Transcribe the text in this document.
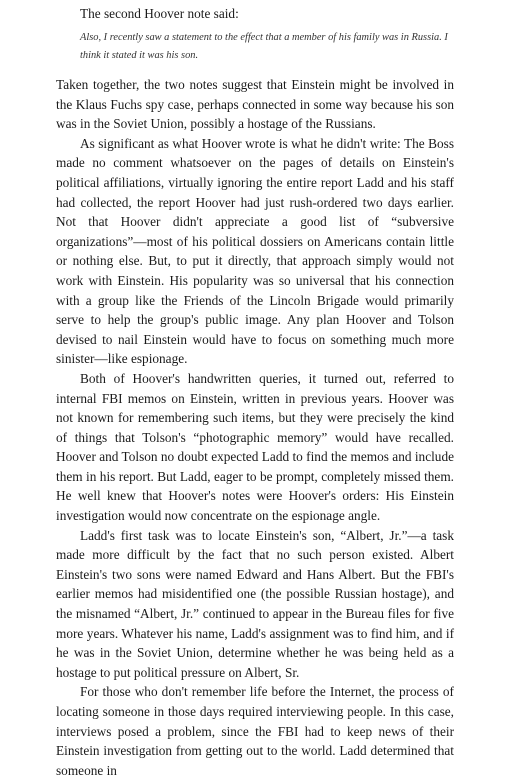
The second Hoover note said:

Also, I recently saw a statement to the effect that a member of his family was in Russia. I think it stated it was his son.

Taken together, the two notes suggest that Einstein might be involved in the Klaus Fuchs spy case, perhaps connected in some way because his son was in the Soviet Union, possibly a hostage of the Russians.

As significant as what Hoover wrote is what he didn't write: The Boss made no comment whatsoever on the pages of details on Einstein's political affiliations, virtually ignoring the entire report Ladd and his staff had collected, the report Hoover had just rush-ordered two days earlier. Not that Hoover didn't appreciate a good list of “subversive organizations”—most of his political dossiers on Americans contain little or nothing else. But, to put it directly, that approach simply would not work with Einstein. His popularity was so universal that his connection with a group like the Friends of the Lincoln Brigade would primarily serve to help the group's public image. Any plan Hoover and Tolson devised to nail Einstein would have to focus on something much more sinister—like espionage.

Both of Hoover's handwritten queries, it turned out, referred to internal FBI memos on Einstein, written in previous years. Hoover was not known for remembering such items, but they were precisely the kind of things that Tolson's “photographic memory” would have recalled. Hoover and Tolson no doubt expected Ladd to find the memos and include them in his report. But Ladd, eager to be prompt, completely missed them. He well knew that Hoover's notes were Hoover's orders: His Einstein investigation would now concentrate on the espionage angle.

Ladd's first task was to locate Einstein's son, “Albert, Jr.”—a task made more difficult by the fact that no such person existed. Albert Einstein's two sons were named Edward and Hans Albert. But the FBI's earlier memos had misidentified one (the possible Russian hostage), and the misnamed “Albert, Jr.” continued to appear in the Bureau files for five more years. Whatever his name, Ladd's assignment was to find him, and if he was in the Soviet Union, determine whether he was being held as a hostage to put political pressure on Albert, Sr.

For those who don't remember life before the Internet, the process of locating someone in those days required interviewing people. In this case, interviews posed a problem, since the FBI had to keep news of their Einstein investigation from getting out to the world. Ladd determined that someone in
